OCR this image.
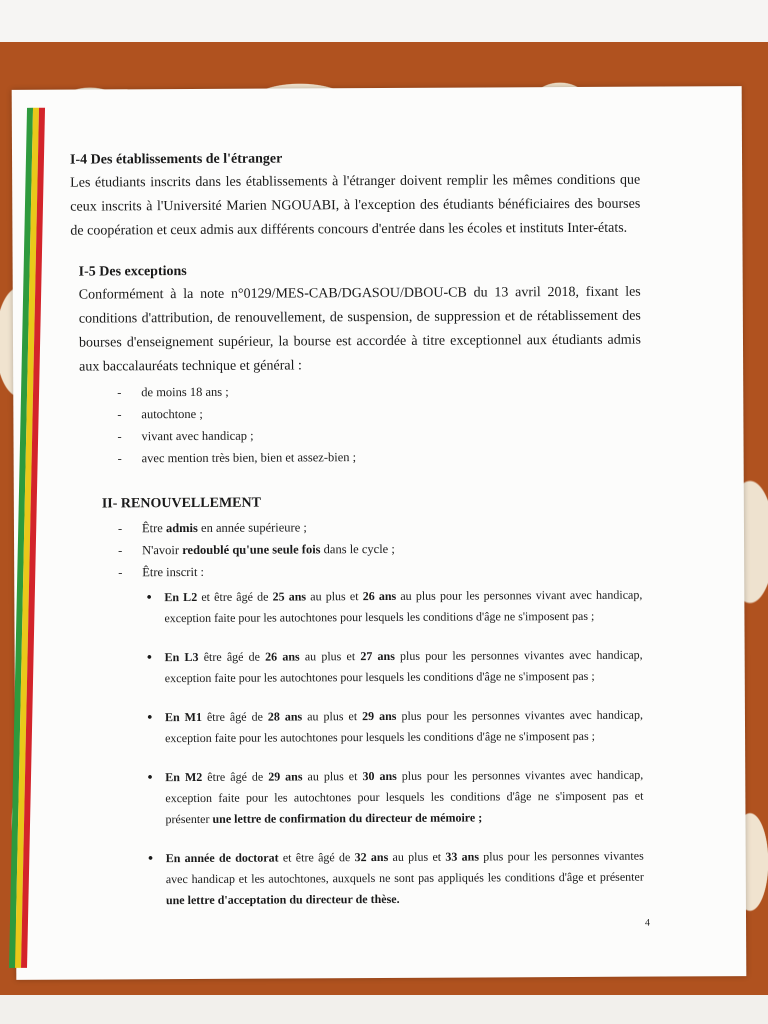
I-4 Des établissements de l'étranger

Les étudiants inscrits dans les établissements à l'étranger doivent remplir les mêmes conditions que ceux inscrits à l'Université Marien NGOUABI, à l'exception des étudiants bénéficiaires des bourses de coopération et ceux admis aux différents concours d'entrée dans les écoles et instituts Inter-états.

I-5 Des exceptions

Conformément à la note n°0129/MES-CAB/DGASOU/DBOU-CB du 13 avril 2018, fixant les conditions d'attribution, de renouvellement, de suspension, de suppression et de rétablissement des bourses d'enseignement supérieur, la bourse est accordée à titre exceptionnel aux étudiants admis aux baccalauréats technique et général :

- de moins 18 ans ;
- autochtone ;
- vivant avec handicap ;
- avec mention très bien, bien et assez-bien ;
II- RENOUVELLEMENT
- Être admis en année supérieure ;
- N'avoir redoublé qu'une seule fois dans le cycle ;
- Être inscrit :
• En L2 et être âgé de 25 ans au plus et 26 ans au plus pour les personnes vivant avec handicap, exception faite pour les autochtones pour lesquels les conditions d'âge ne s'imposent pas ;
• En L3 être âgé de 26 ans au plus et 27 ans plus pour les personnes vivantes avec handicap, exception faite pour les autochtones pour lesquels les conditions d'âge ne s'imposent pas ;
• En M1 être âgé de 28 ans au plus et 29 ans plus pour les personnes vivantes avec handicap, exception faite pour les autochtones pour lesquels les conditions d'âge ne s'imposent pas ;
• En M2 être âgé de 29 ans au plus et 30 ans plus pour les personnes vivantes avec handicap, exception faite pour les autochtones pour lesquels les conditions d'âge ne s'imposent pas et présenter une lettre de confirmation du directeur de mémoire ;
• En année de doctorat et être âgé de 32 ans au plus et 33 ans plus pour les personnes vivantes avec handicap et les autochtones, auxquels ne sont pas appliqués les conditions d'âge et présenter une lettre d'acceptation du directeur de thèse.
4
